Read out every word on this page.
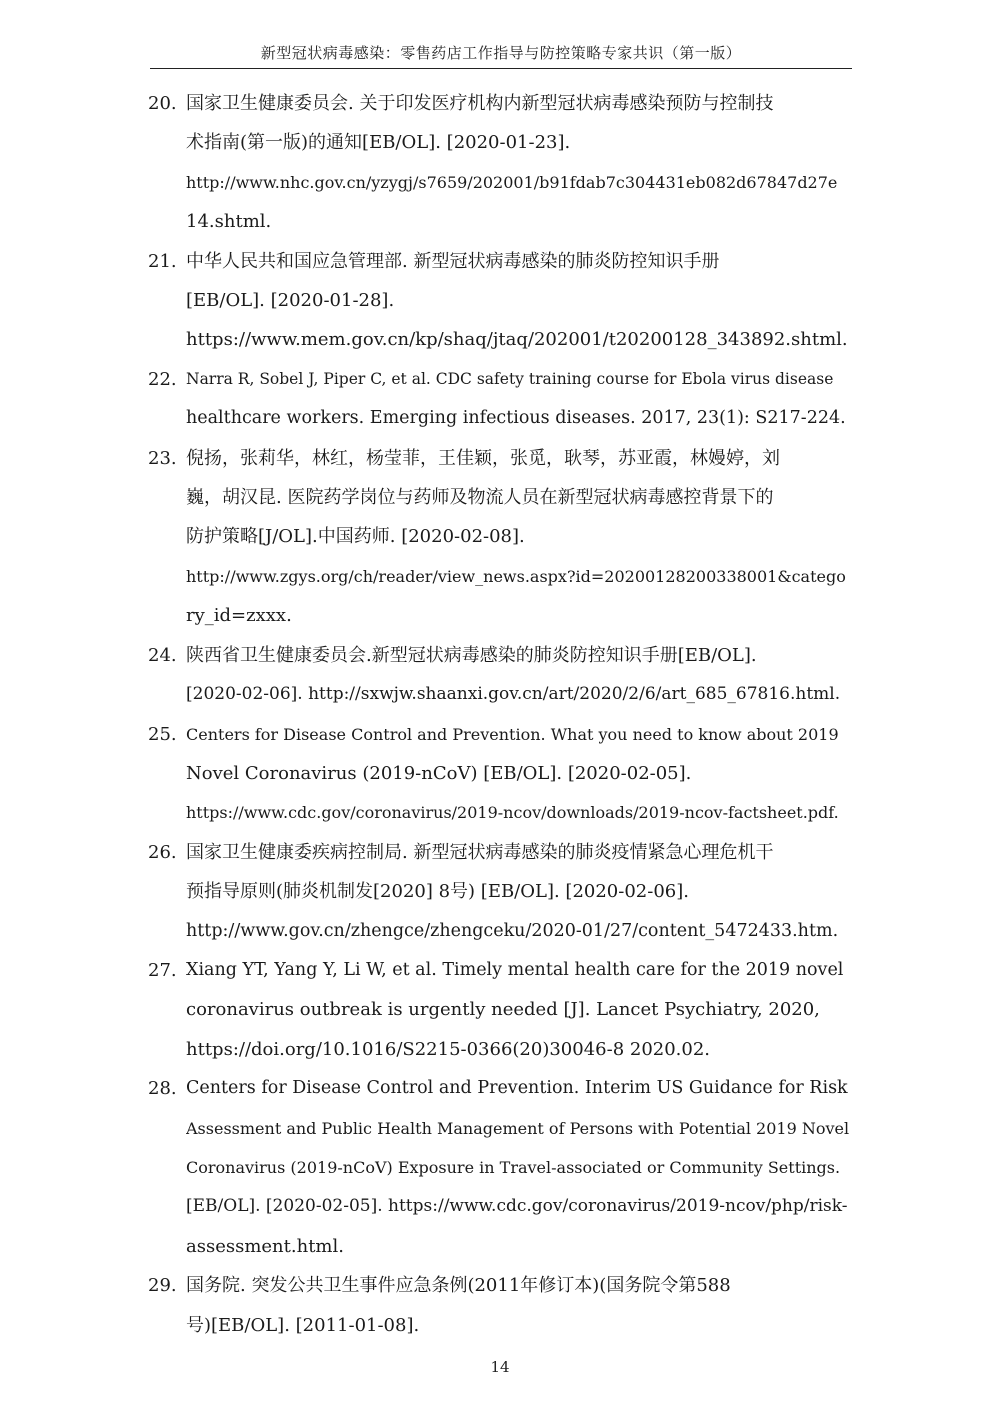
新型冠状病毒感染：零售药店工作指导与防控策略专家共识（第一版）
20. 国家卫生健康委员会. 关于印发医疗机构内新型冠状病毒感染预防与控制技
术指南(第一版)的通知[EB/OL]. [2020-01-23].
http://www.nhc.gov.cn/yzygj/s7659/202001/b91fdab7c304431eb082d67847d27e
14.shtml.
21. 中华人民共和国应急管理部. 新型冠状病毒感染的肺炎防控知识手册
[EB/OL]. [2020-01-28].
https://www.mem.gov.cn/kp/shaq/jtaq/202001/t20200128_343892.shtml.
22. Narra R, Sobel J, Piper C, et al. CDC safety training course for Ebola virus disease
healthcare workers. Emerging infectious diseases. 2017, 23(1): S217-224.
23. 倪扬，张莉华，林红，杨莹菲，王佳颖，张觅，耿琴，苏亚霞，林嫚婷，刘
巍，胡汉昆. 医院药学岗位与药师及物流人员在新型冠状病毒感控背景下的
防护策略[J/OL].中国药师. [2020-02-08].
http://www.zgys.org/ch/reader/view_news.aspx?id=20200128200338001&catego
ry_id=zxxx.
24. 陕西省卫生健康委员会.新型冠状病毒感染的肺炎防控知识手册[EB/OL].
[2020-02-06]. http://sxwjw.shaanxi.gov.cn/art/2020/2/6/art_685_67816.html.
25. Centers for Disease Control and Prevention. What you need to know about 2019
Novel Coronavirus (2019-nCoV) [EB/OL]. [2020-02-05].
https://www.cdc.gov/coronavirus/2019-ncov/downloads/2019-ncov-factsheet.pdf.
26. 国家卫生健康委疾病控制局. 新型冠状病毒感染的肺炎疫情紧急心理危机干
预指导原则(肺炎机制发[2020] 8号) [EB/OL]. [2020-02-06].
http://www.gov.cn/zhengce/zhengceku/2020-01/27/content_5472433.htm.
27. Xiang YT, Yang Y, Li W, et al. Timely mental health care for the 2019 novel
coronavirus outbreak is urgently needed [J]. Lancet Psychiatry, 2020,
https://doi.org/10.1016/S2215-0366(20)30046-8 2020.02.
28. Centers for Disease Control and Prevention. Interim US Guidance for Risk
Assessment and Public Health Management of Persons with Potential 2019 Novel
Coronavirus (2019-nCoV) Exposure in Travel-associated or Community Settings.
[EB/OL]. [2020-02-05]. https://www.cdc.gov/coronavirus/2019-ncov/php/risk-
assessment.html.
29. 国务院. 突发公共卫生事件应急条例(2011年修订本)(国务院令第588
号)[EB/OL]. [2011-01-08].
14
